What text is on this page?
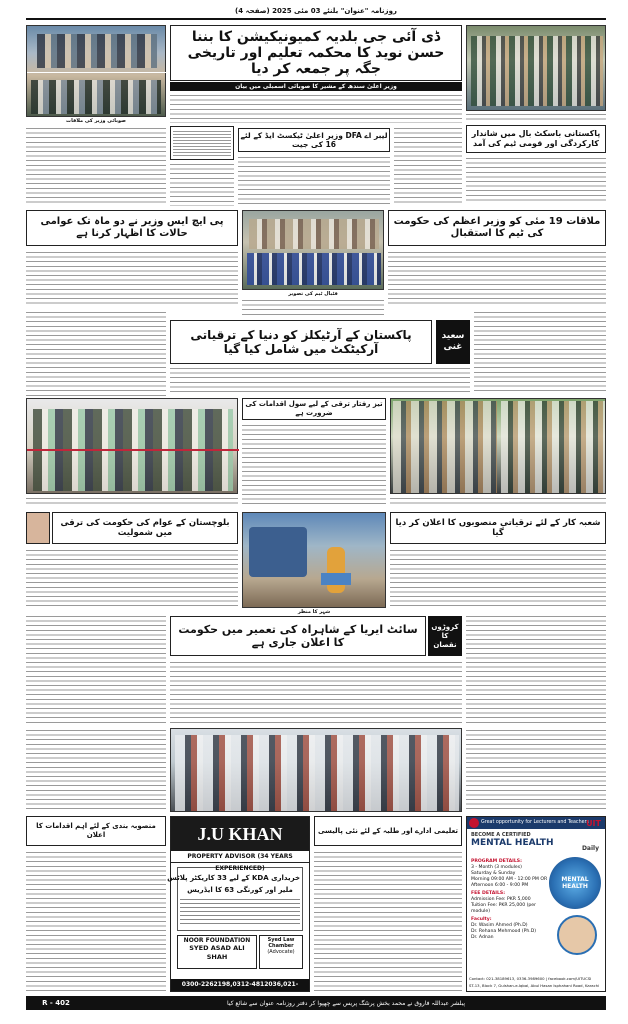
روزنامہ "عنوان" بلنئے 03 مئی 2025 (صفحہ 4)
صوبائی وزیر کی ملاقات
ڈی آئی جی بلدیہ کمیونیکیشن کا بننا حسن نوید کا محکمہ تعلیم اور تاریخی جگہ پر جمعہ کر دیا
وزیر اعلیٰ سندھ کے مشیر کا صوبائی اسمبلی میں بیان
پاکستانی باسکٹ بال میں شاندار کارکردگی اور قومی ٹیم کی آمد
لیبر اے DFA وزیر اعلیٰ ٹیکسٹ ایڈ کے لئے 16 کی جیت
پی ایچ ایس وزیر نے دو ماہ تک عوامی حالات کا اظہار کرنا ہے
فٹبال ٹیم کی تصویر
ملاقات 19 مئی کو وزیر اعظم کی حکومت کی ٹیم کا استقبال
پاکستان کے آرٹیکلز کو دنیا کے ترقیاتی آرکیٹکٹ میں شامل کیا گیا
سعید غنی
تیز رفتار ترقی کے لیے سول اقدامات کی ضرورت ہے
بلوچستان کے عوام کی حکومت کی ترقی میں شمولیت
شہر کا منظر
شعبہ کار کے لئے ترقیاتی منصوبوں کا اعلان کر دیا گیا
سائٹ ایریا کے شاہراہ کی تعمیر میں حکومت کا اعلان جاری ہے
کروڑوں کا نقصان
منصوبہ بندی کے لئے اہم اقدامات کا اعلان	J.U KHAN
PROPERTY ADVISOR (34 YEARS EXPERIENCED)
خریداری KDA کے لیے 33 کاریکٹر پلاٹس
ملیر اور کورنگی 63 کا ایڈریس
NOOR FOUNDATION
SYED ASAD ALI SHAH
Syed Law Chamber
(Advocate)
0300-2262198,0312-4812036,021-
تعلیمی ادارے اور طلبہ کے لئے نئی پالیسی
Great opportunity for Lecturers and Teachers
UIT
BECOME A CERTIFIED
MENTAL HEALTH
Daily
MENTAL HEALTH
PROGRAM DETAILS:
3 - Month (3 modules)
Saturday & Sunday
Morning 09:00 AM - 12:00 PM OR
Afternoon 6:00 - 9:00 PM
FEE DETAILS:
Admission Fee: PKR 5,000
Tuition Fee: PKR 25,000 (per module)
Faculty:
Dr. Wasim Ahmed (Ph.D)
Dr. Rehana Mehmood (Ph.D)
Dr. Adnan
Contact: 021-38189613, 0336-3989600 | facebook.com/UITUCSI
ST-13, Block 7, Gulshan-e-Iqbal, Abul Hasan Isphahani Road, Karachi
R - 402	پبلشر عبداللہ فاروق نے محمد بخش پرنٹنگ پریس سے چھپوا کر دفتر روزنامہ عنوان سے شائع کیا
